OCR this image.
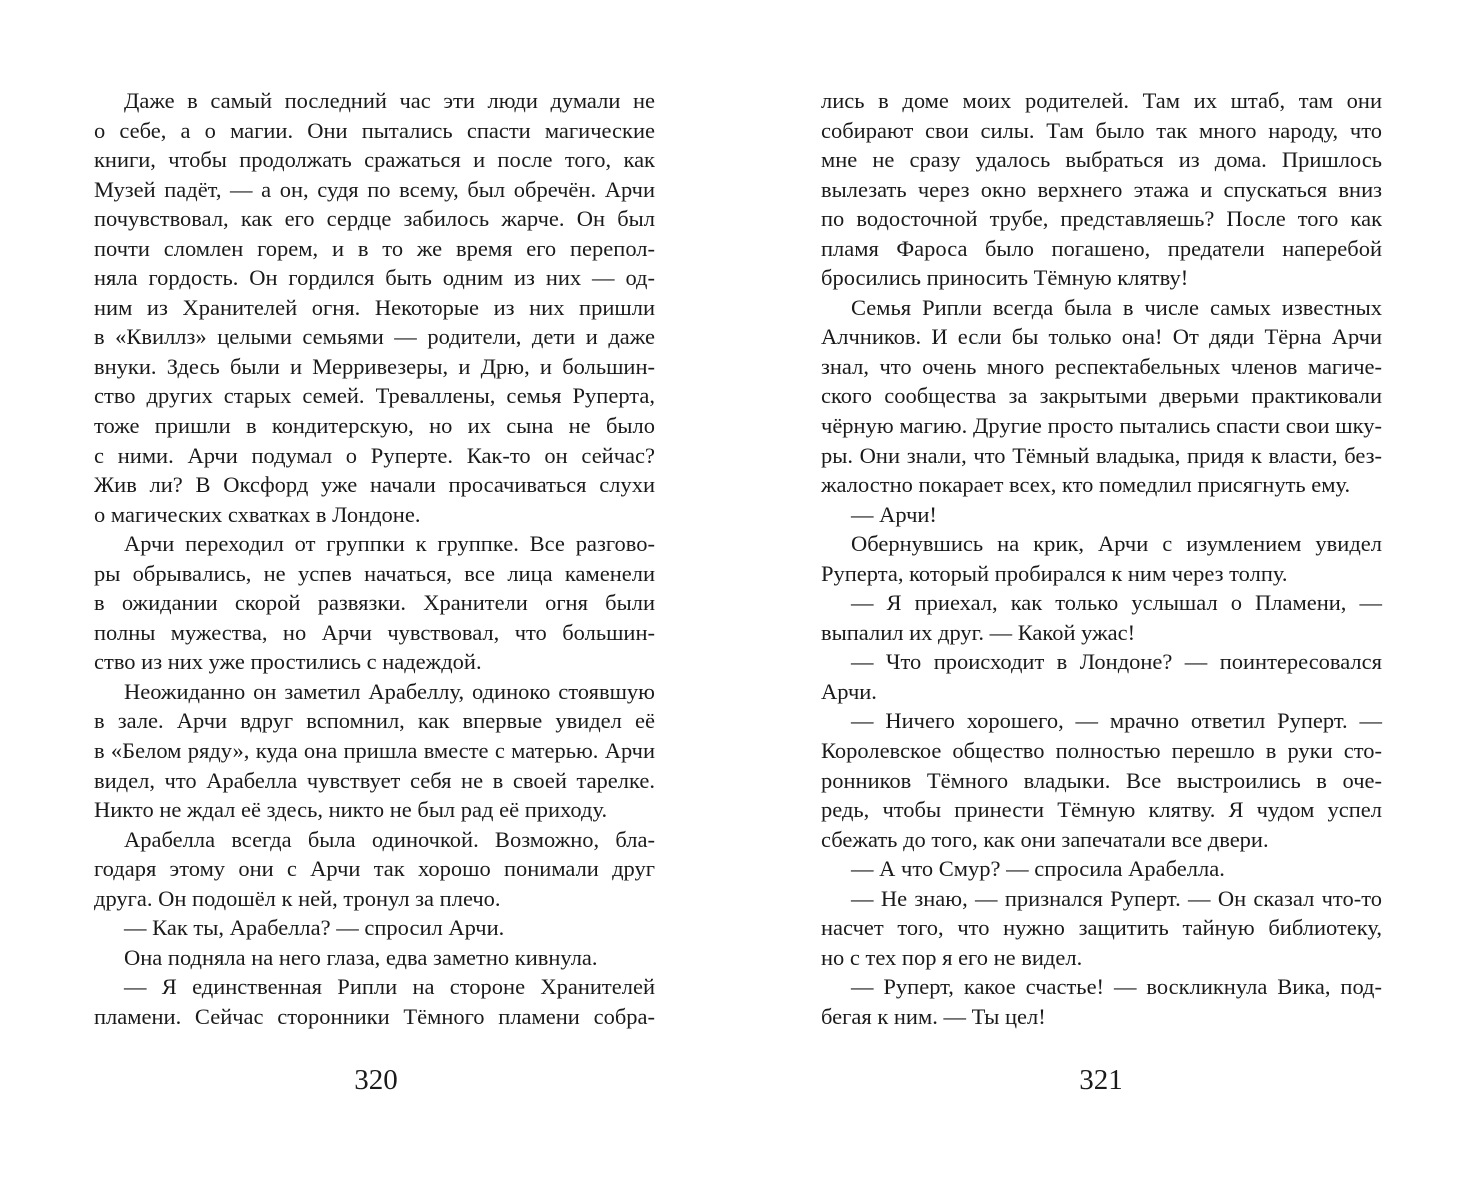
Даже в самый последний час эти люди думали не
о себе, а о магии. Они пытались спасти магические
книги, чтобы продолжать сражаться и после того, как
Музей падёт, — а он, судя по всему, был обречён. Арчи
почувствовал, как его сердце забилось жарче. Он был
почти сломлен горем, и в то же время его перепол-
няла гордость. Он гордился быть одним из них — од-
ним из Хранителей огня. Некоторые из них пришли
в «Квиллз» целыми семьями — родители, дети и даже
внуки. Здесь были и Мерривезеры, и Дрю, и большин-
ство других старых семей. Треваллены, семья Руперта,
тоже пришли в кондитерскую, но их сына не было
с ними. Арчи подумал о Руперте. Как-то он сейчас?
Жив ли? В Оксфорд уже начали просачиваться слухи
о магических схватках в Лондоне.
Арчи переходил от группки к группке. Все разгово-
ры обрывались, не успев начаться, все лица каменели
в ожидании скорой развязки. Хранители огня были
полны мужества, но Арчи чувствовал, что большин-
ство из них уже простились с надеждой.
Неожиданно он заметил Арабеллу, одиноко стоявшую
в зале. Арчи вдруг вспомнил, как впервые увидел её
в «Белом ряду», куда она пришла вместе с матерью. Арчи
видел, что Арабелла чувствует себя не в своей тарелке.
Никто не ждал её здесь, никто не был рад её приходу.
Арабелла всегда была одиночкой. Возможно, бла-
годаря этому они с Арчи так хорошо понимали друг
друга. Он подошёл к ней, тронул за плечо.
— Как ты, Арабелла? — спросил Арчи.
Она подняла на него глаза, едва заметно кивнула.
— Я единственная Рипли на стороне Хранителей
пламени. Сейчас сторонники Тёмного пламени собра-
320
лись в доме моих родителей. Там их штаб, там они
собирают свои силы. Там было так много народу, что
мне не сразу удалось выбраться из дома. Пришлось
вылезать через окно верхнего этажа и спускаться вниз
по водосточной трубе, представляешь? После того как
пламя Фароса было погашено, предатели наперебой
бросились приносить Тёмную клятву!
Семья Рипли всегда была в числе самых известных
Алчников. И если бы только она! От дяди Тёрна Арчи
знал, что очень много респектабельных членов магиче-
ского сообщества за закрытыми дверьми практиковали
чёрную магию. Другие просто пытались спасти свои шку-
ры. Они знали, что Тёмный владыка, придя к власти, без-
жалостно покарает всех, кто помедлил присягнуть ему.
— Арчи!
Обернувшись на крик, Арчи с изумлением увидел
Руперта, который пробирался к ним через толпу.
— Я приехал, как только услышал о Пламени, —
выпалил их друг. — Какой ужас!
— Что происходит в Лондоне? — поинтересовался
Арчи.
— Ничего хорошего, — мрачно ответил Руперт. —
Королевское общество полностью перешло в руки сто-
ронников Тёмного владыки. Все выстроились в оче-
редь, чтобы принести Тёмную клятву. Я чудом успел
сбежать до того, как они запечатали все двери.
— А что Смур? — спросила Арабелла.
— Не знаю, — признался Руперт. — Он сказал что-то
насчет того, что нужно защитить тайную библиотеку,
но с тех пор я его не видел.
— Руперт, какое счастье! — воскликнула Вика, под-
бегая к ним. — Ты цел!
321
